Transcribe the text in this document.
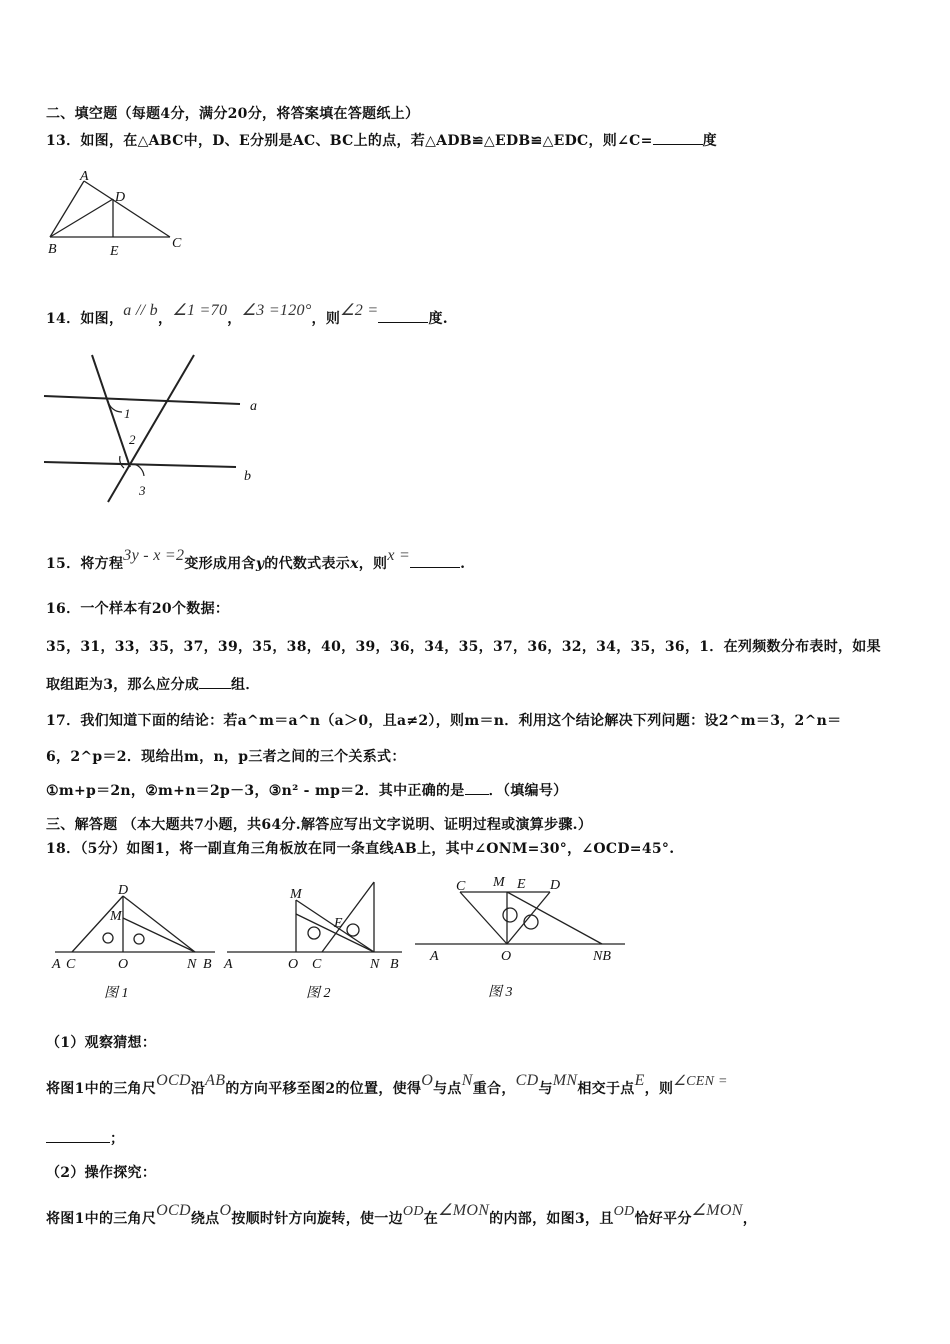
二、填空题（每题4分，满分20分，将答案填在答题纸上）
13．如图，在△ABC中，D、E分别是AC、BC上的点，若△ADB≌△EDB≌△EDC，则∠C=	度
A
D
B	E
C
14．如图，a // b，∠1 =70，∠3 =120°，则∠2 =	度.
a
b
1
2
3
15．将方程3y - x =2变形成用含y的代数式表示x，则x =	.
16．一个样本有20个数据：
35，31，33，35，37，39，35，38，40，39，36，34，35，37，36，32，34，35，36，1．在列频数分布表时，如果
取组距为3，那么应分成 组．
17．我们知道下面的结论：若a^m＝a^n（a＞0，且a≠2），则m＝n．利用这个结论解决下列问题：设2^m＝3，2^n＝
6，2^p＝2．现给出m，n，p三者之间的三个关系式：
①m+p＝2n，②m+n＝2p－3，③n² - mp＝2．其中正确的是 ．（填编号）
三、解答题 （本大题共7小题，共64分.解答应写出文字说明、证明过程或演算步骤.）
18．（5分）如图1，将一副直角三角板放在同一条直线AB上，其中∠ONM=30°，∠OCD=45°.
D
M
A C	O	N B
图 1
M
E
A	O C	N B
图 2
C M E D
A	O	NB
图 3
（1）观察猜想：
将图1中的三角尺OCD沿AB的方向平移至图2的位置，使得O与点N重合，CD与MN相交于点E，则∠CEN =
；
（2）操作探究：
将图1中的三角尺OCD绕点O按顺时针方向旋转，使一边OD在∠MON的内部，如图3，且OD恰好平分∠MON，
